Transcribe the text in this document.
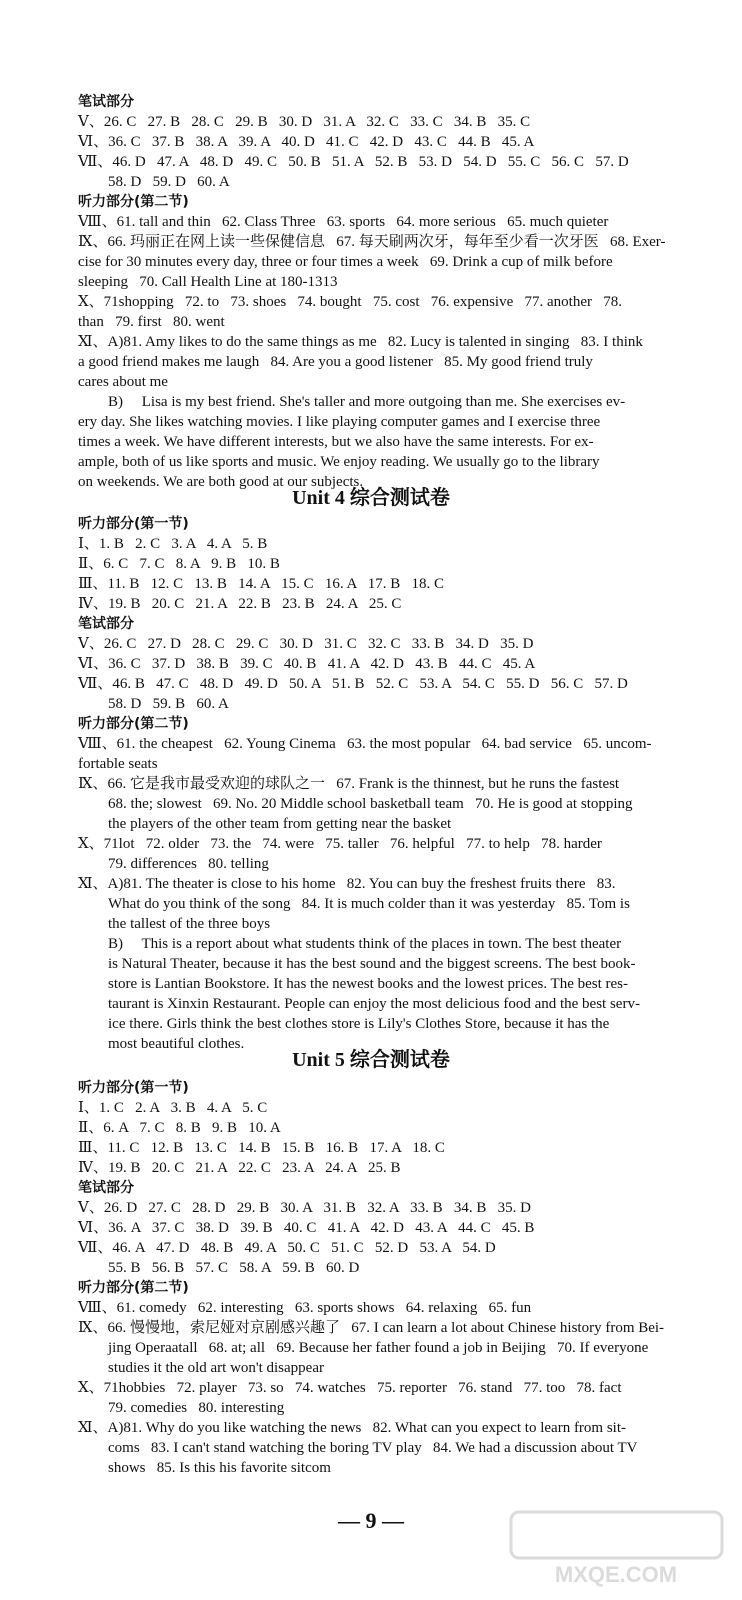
笔试部分
Ⅴ、26. C   27. B   28. C   29. B   30. D   31. A   32. C   33. C   34. B   35. C
Ⅵ、36. C   37. B   38. A   39. A   40. D   41. C   42. D   43. C   44. B   45. A
Ⅶ、46. D   47. A   48. D   49. C   50. B   51. A   52. B   53. D   54. D   55. C   56. C   57. D
58. D   59. D   60. A
听力部分(第二节)
Ⅷ、61. tall and thin   62. Class Three   63. sports   64. more serious   65. much quieter
Ⅸ、66. 玛丽正在网上读一些保健信息   67. 每天刷两次牙，每年至少看一次牙医   68. Exer-
cise for 30 minutes every day, three or four times a week   69. Drink a cup of milk before
sleeping   70. Call Health Line at 180-1313
Ⅹ、71shopping   72. to   73. shoes   74. bought   75. cost   76. expensive   77. another   78.
than   79. first   80. went
Ⅺ、A)81. Amy likes to do the same things as me   82. Lucy is talented in singing   83. I think
a good friend makes me laugh   84. Are you a good listener   85. My good friend truly
cares about me
B)     Lisa is my best friend. She's taller and more outgoing than me. She exercises ev-
ery day. She likes watching movies. I like playing computer games and I exercise three
times a week. We have different interests, but we also have the same interests. For ex-
ample, both of us like sports and music. We enjoy reading. We usually go to the library
on weekends. We are both good at our subjects.
Unit 4 综合测试卷
听力部分(第一节)
Ⅰ、1. B   2. C   3. A   4. A   5. B
Ⅱ、6. C   7. C   8. A   9. B   10. B
Ⅲ、11. B   12. C   13. B   14. A   15. C   16. A   17. B   18. C
Ⅳ、19. B   20. C   21. A   22. B   23. B   24. A   25. C
笔试部分
Ⅴ、26. C   27. D   28. C   29. C   30. D   31. C   32. C   33. B   34. D   35. D
Ⅵ、36. C   37. D   38. B   39. C   40. B   41. A   42. D   43. B   44. C   45. A
Ⅶ、46. B   47. C   48. D   49. D   50. A   51. B   52. C   53. A   54. C   55. D   56. C   57. D
58. D   59. B   60. A
听力部分(第二节)
Ⅷ、61. the cheapest   62. Young Cinema   63. the most popular   64. bad service   65. uncom-
fortable seats
Ⅸ、66. 它是我市最受欢迎的球队之一   67. Frank is the thinnest, but he runs the fastest
68. the; slowest   69. No. 20 Middle school basketball team   70. He is good at stopping
the players of the other team from getting near the basket
Ⅹ、71lot   72. older   73. the   74. were   75. taller   76. helpful   77. to help   78. harder
79. differences   80. telling
Ⅺ、A)81. The theater is close to his home   82. You can buy the freshest fruits there   83.
What do you think of the song   84. It is much colder than it was yesterday   85. Tom is
the tallest of the three boys
B)     This is a report about what students think of the places in town. The best theater
is Natural Theater, because it has the best sound and the biggest screens. The best book-
store is Lantian Bookstore. It has the newest books and the lowest prices. The best res-
taurant is Xinxin Restaurant. People can enjoy the most delicious food and the best serv-
ice there. Girls think the best clothes store is Lily's Clothes Store, because it has the
most beautiful clothes.
Unit 5 综合测试卷
听力部分(第一节)
Ⅰ、1. C   2. A   3. B   4. A   5. C
Ⅱ、6. A   7. C   8. B   9. B   10. A
Ⅲ、11. C   12. B   13. C   14. B   15. B   16. B   17. A   18. C
Ⅳ、19. B   20. C   21. A   22. C   23. A   24. A   25. B
笔试部分
Ⅴ、26. D   27. C   28. D   29. B   30. A   31. B   32. A   33. B   34. B   35. D
Ⅵ、36. A   37. C   38. D   39. B   40. C   41. A   42. D   43. A   44. C   45. B
Ⅶ、46. A   47. D   48. B   49. A   50. C   51. C   52. D   53. A   54. D
55. B   56. B   57. C   58. A   59. B   60. D
听力部分(第二节)
Ⅷ、61. comedy   62. interesting   63. sports shows   64. relaxing   65. fun
Ⅸ、66. 慢慢地，索尼娅对京剧感兴趣了   67. I can learn a lot about Chinese history from Bei-
jing Operaatall   68. at; all   69. Because her father found a job in Beijing   70. If everyone
studies it the old art won't disappear
Ⅹ、71hobbies   72. player   73. so   74. watches   75. reporter   76. stand   77. too   78. fact
79. comedies   80. interesting
Ⅺ、A)81. Why do you like watching the news   82. What can you expect to learn from sit-
coms   83. I can't stand watching the boring TV play   84. We had a discussion about TV
shows   85. Is this his favorite sitcom
— 9 —
MXQE.COM
